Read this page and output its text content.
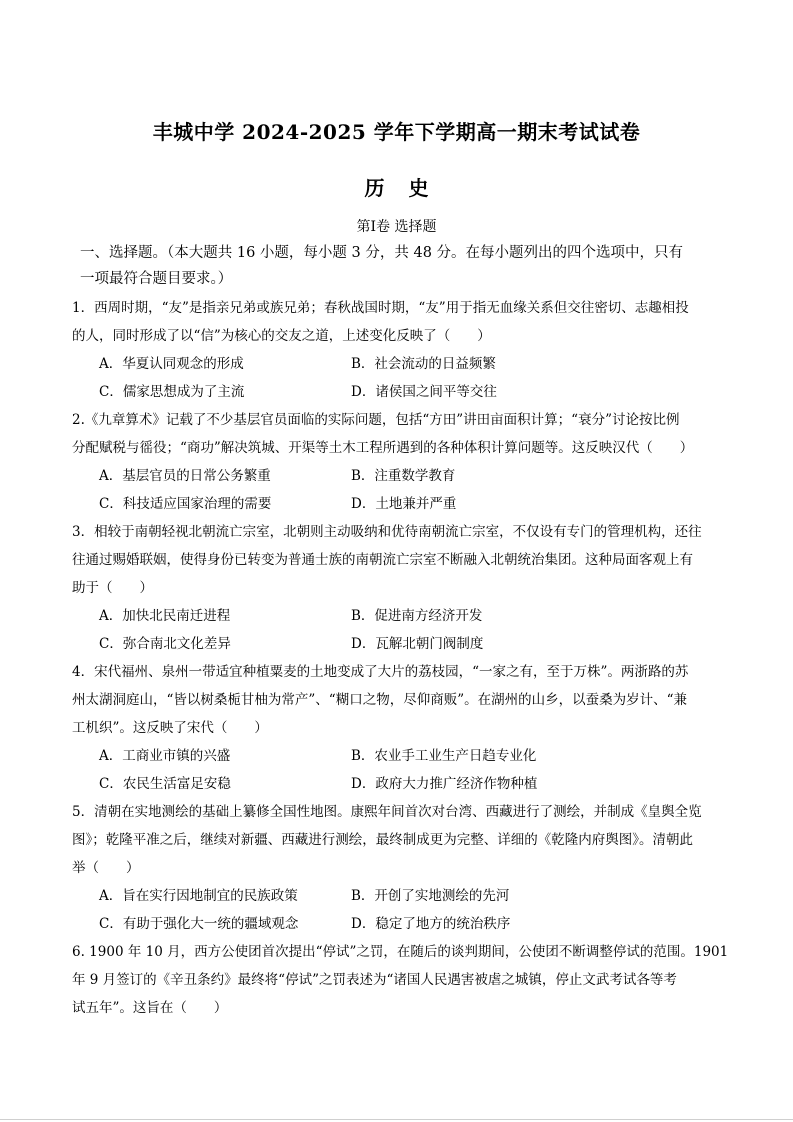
丰城中学 2024-2025 学年下学期高一期末考试试卷
历史
第Ⅰ卷 选择题
一、选择题。（本大题共 16 小题，每小题 3 分，共 48 分。在每小题列出的四个选项中，只有
一项最符合题目要求。）
1．西周时期，“友”是指亲兄弟或族兄弟；春秋战国时期，“友”用于指无血缘关系但交往密切、志趣相投
的人，同时形成了以“信”为核心的交友之道，上述变化反映了（　　）
A．华夏认同观念的形成	B．社会流动的日益频繁
C．儒家思想成为了主流	D．诸侯国之间平等交往
2.《九章算术》记载了不少基层官员面临的实际问题，包括“方田”讲田亩面积计算；“衰分”讨论按比例
分配赋税与徭役；“商功”解决筑城、开渠等土木工程所遇到的各种体积计算问题等。这反映汉代（　　）
A．基层官员的日常公务繁重	B．注重数学教育
C．科技适应国家治理的需要	D．土地兼并严重
3．相较于南朝轻视北朝流亡宗室，北朝则主动吸纳和优待南朝流亡宗室，不仅设有专门的管理机构，还往
往通过赐婚联姻，使得身份已转变为普通士族的南朝流亡宗室不断融入北朝统治集团。这种局面客观上有
助于（　　）
A．加快北民南迁进程	B．促进南方经济开发
C．弥合南北文化差异	D．瓦解北朝门阀制度
4．宋代福州、泉州一带适宜种植粟麦的土地变成了大片的荔枝园，“一家之有，至于万株”。两浙路的苏
州太湖洞庭山，“皆以树桑栀甘柚为常产”、“糊口之物，尽仰商贩”。在湖州的山乡，以蚕桑为岁计、“兼
工机织”。这反映了宋代（　　）
A．工商业市镇的兴盛	B．农业手工业生产日趋专业化
C．农民生活富足安稳	D．政府大力推广经济作物种植
5．清朝在实地测绘的基础上纂修全国性地图。康熙年间首次对台湾、西藏进行了测绘，并制成《皇舆全览
图》；乾隆平准之后，继续对新疆、西藏进行测绘，最终制成更为完整、详细的《乾隆内府舆图》。清朝此
举（　　）
A．旨在实行因地制宜的民族政策	B．开创了实地测绘的先河
C．有助于强化大一统的疆域观念	D．稳定了地方的统治秩序
6. 1900 年 10 月，西方公使团首次提出“停试”之罚，在随后的谈判期间，公使团不断调整停试的范围。1901
年 9 月签订的《辛丑条约》最终将“停试”之罚表述为“诸国人民遇害被虐之城镇，停止文武考试各等考
试五年”。这旨在（　　）
